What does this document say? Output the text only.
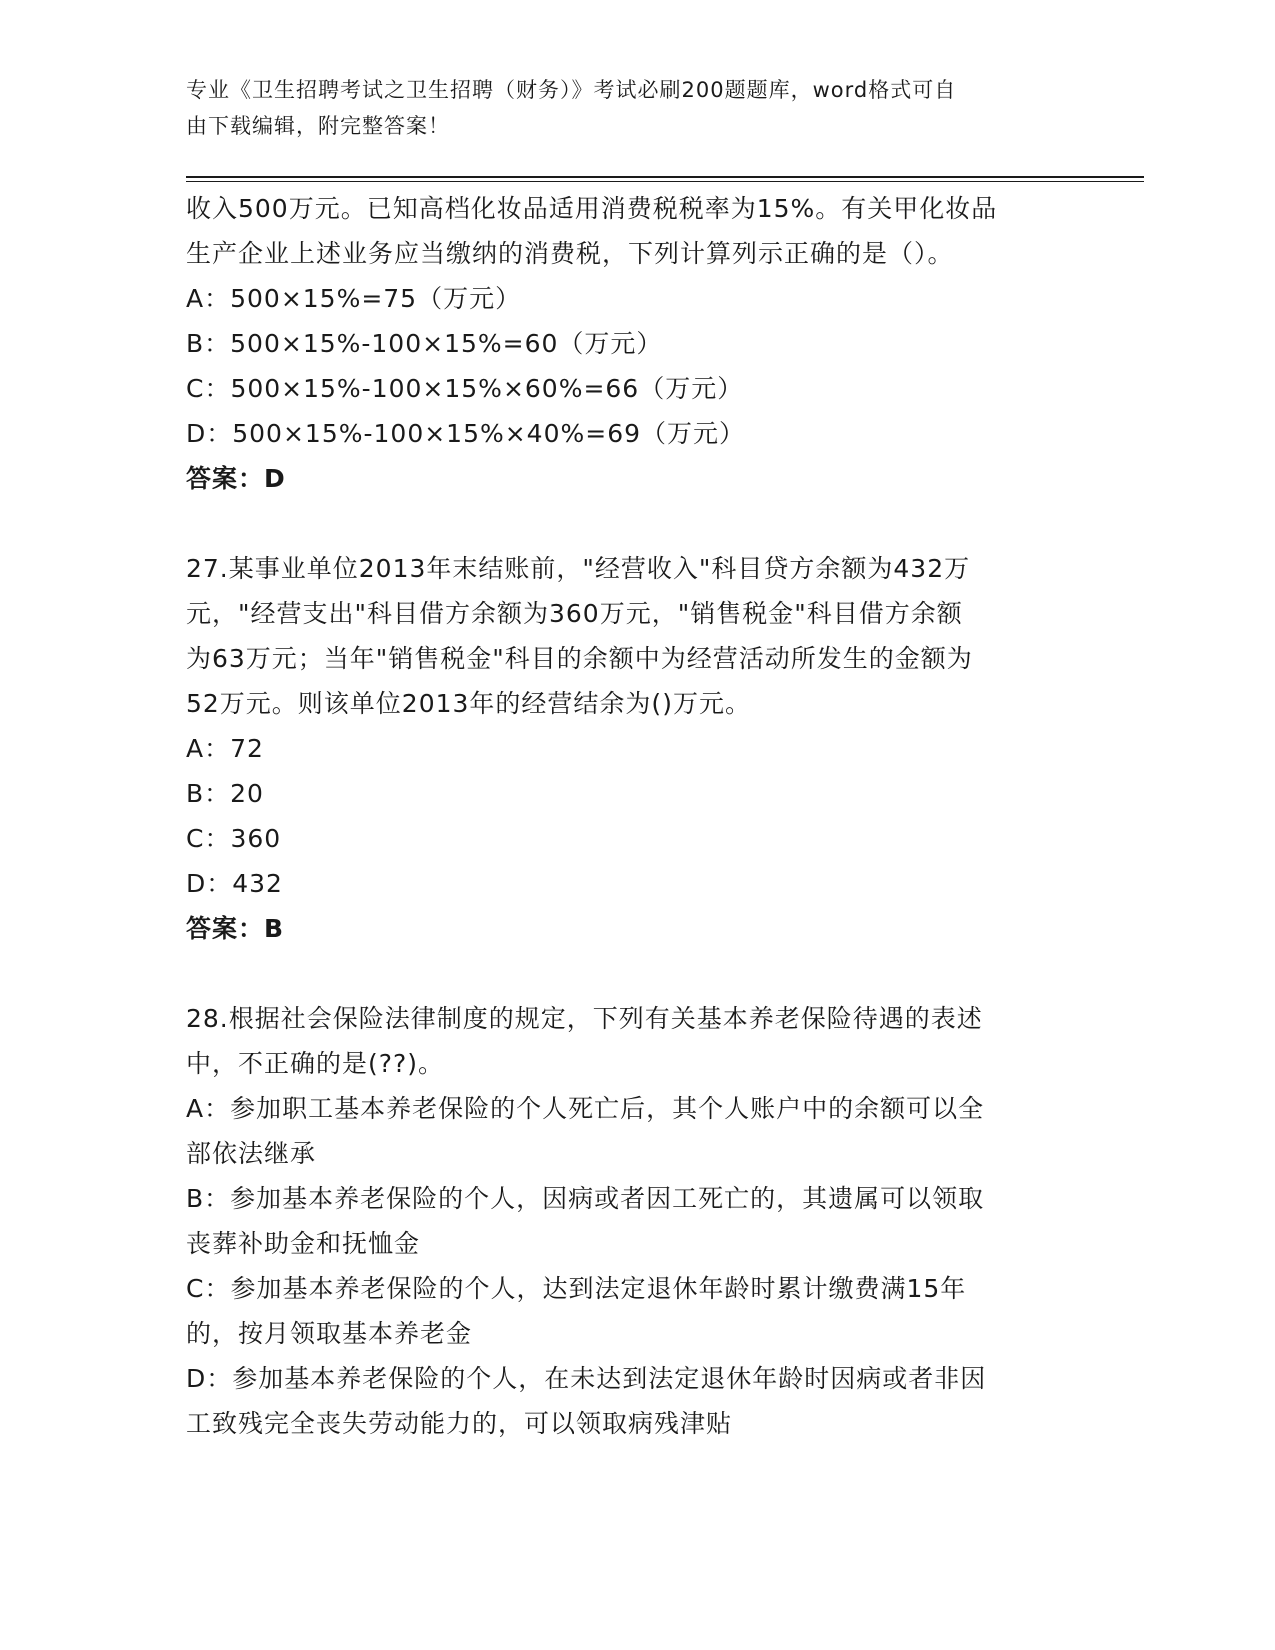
专业《卫生招聘考试之卫生招聘（财务）》考试必刷200题题库，word格式可自
由下载编辑，附完整答案！
收入500万元。已知高档化妆品适用消费税税率为15%。有关甲化妆品
生产企业上述业务应当缴纳的消费税，下列计算列示正确的是（）。
A：500×15%=75（万元）
B：500×15%-100×15%=60（万元）
C：500×15%-100×15%×60%=66（万元）
D：500×15%-100×15%×40%=69（万元）
答案：D
27.某事业单位2013年末结账前，"经营收入"科目贷方余额为432万
元，"经营支出"科目借方余额为360万元，"销售税金"科目借方余额
为63万元；当年"销售税金"科目的余额中为经营活动所发生的金额为
52万元。则该单位2013年的经营结余为()万元。
A：72
B：20
C：360
D：432
答案：B
28.根据社会保险法律制度的规定，下列有关基本养老保险待遇的表述
中，不正确的是(??)。
A：参加职工基本养老保险的个人死亡后，其个人账户中的余额可以全
部依法继承
B：参加基本养老保险的个人，因病或者因工死亡的，其遗属可以领取
丧葬补助金和抚恤金
C：参加基本养老保险的个人，达到法定退休年龄时累计缴费满15年
的，按月领取基本养老金
D：参加基本养老保险的个人，在未达到法定退休年龄时因病或者非因
工致残完全丧失劳动能力的，可以领取病残津贴
